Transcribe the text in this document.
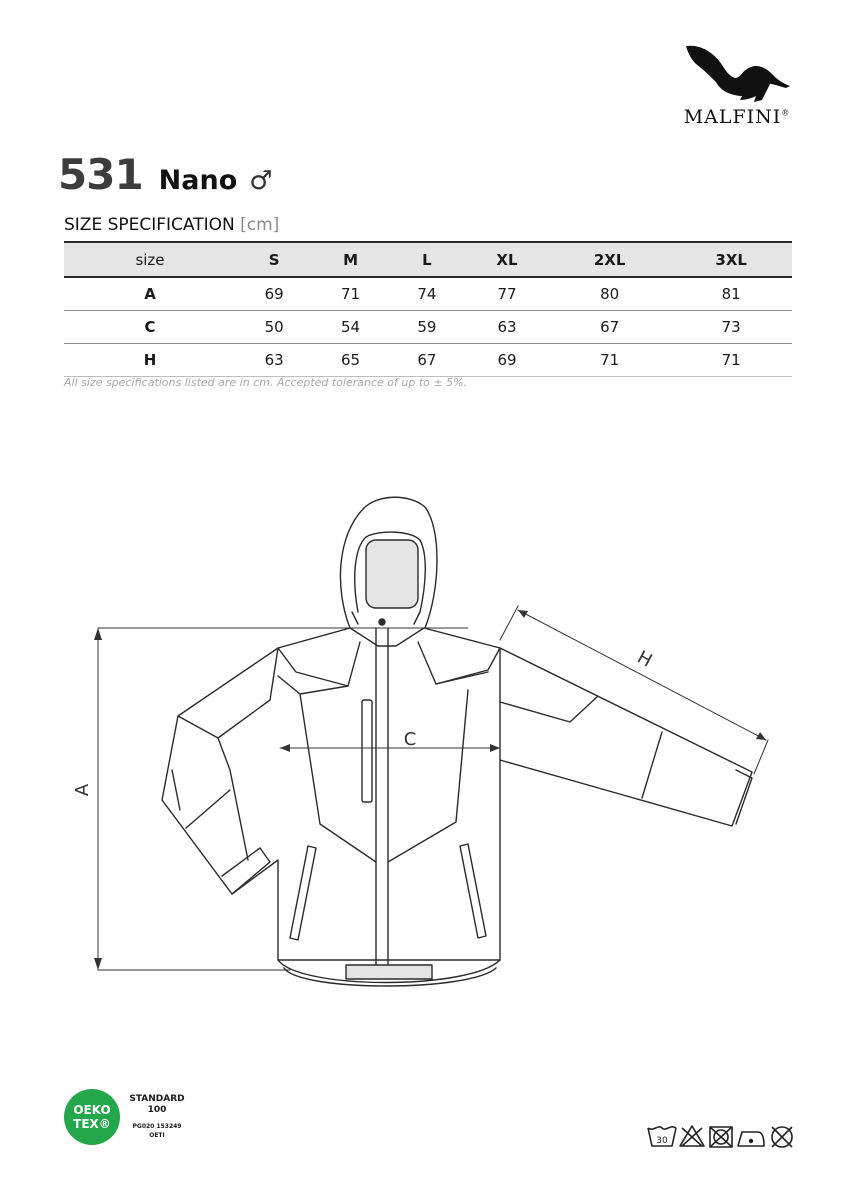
MALFINI®
531 Nano ♂
SIZE SPECIFICATION [cm]
size	S	M	L	XL	2XL	3XL
A	69	71	74	77	80	81
C	50	54	59	63	67	73
H	63	65	67	69	71	71
All size specifications listed are in cm. Accepted tolerance of up to ± 5%.
A
C
H
OEKO
TEX®
STANDARD
100
PG020 153249
OETI
30
